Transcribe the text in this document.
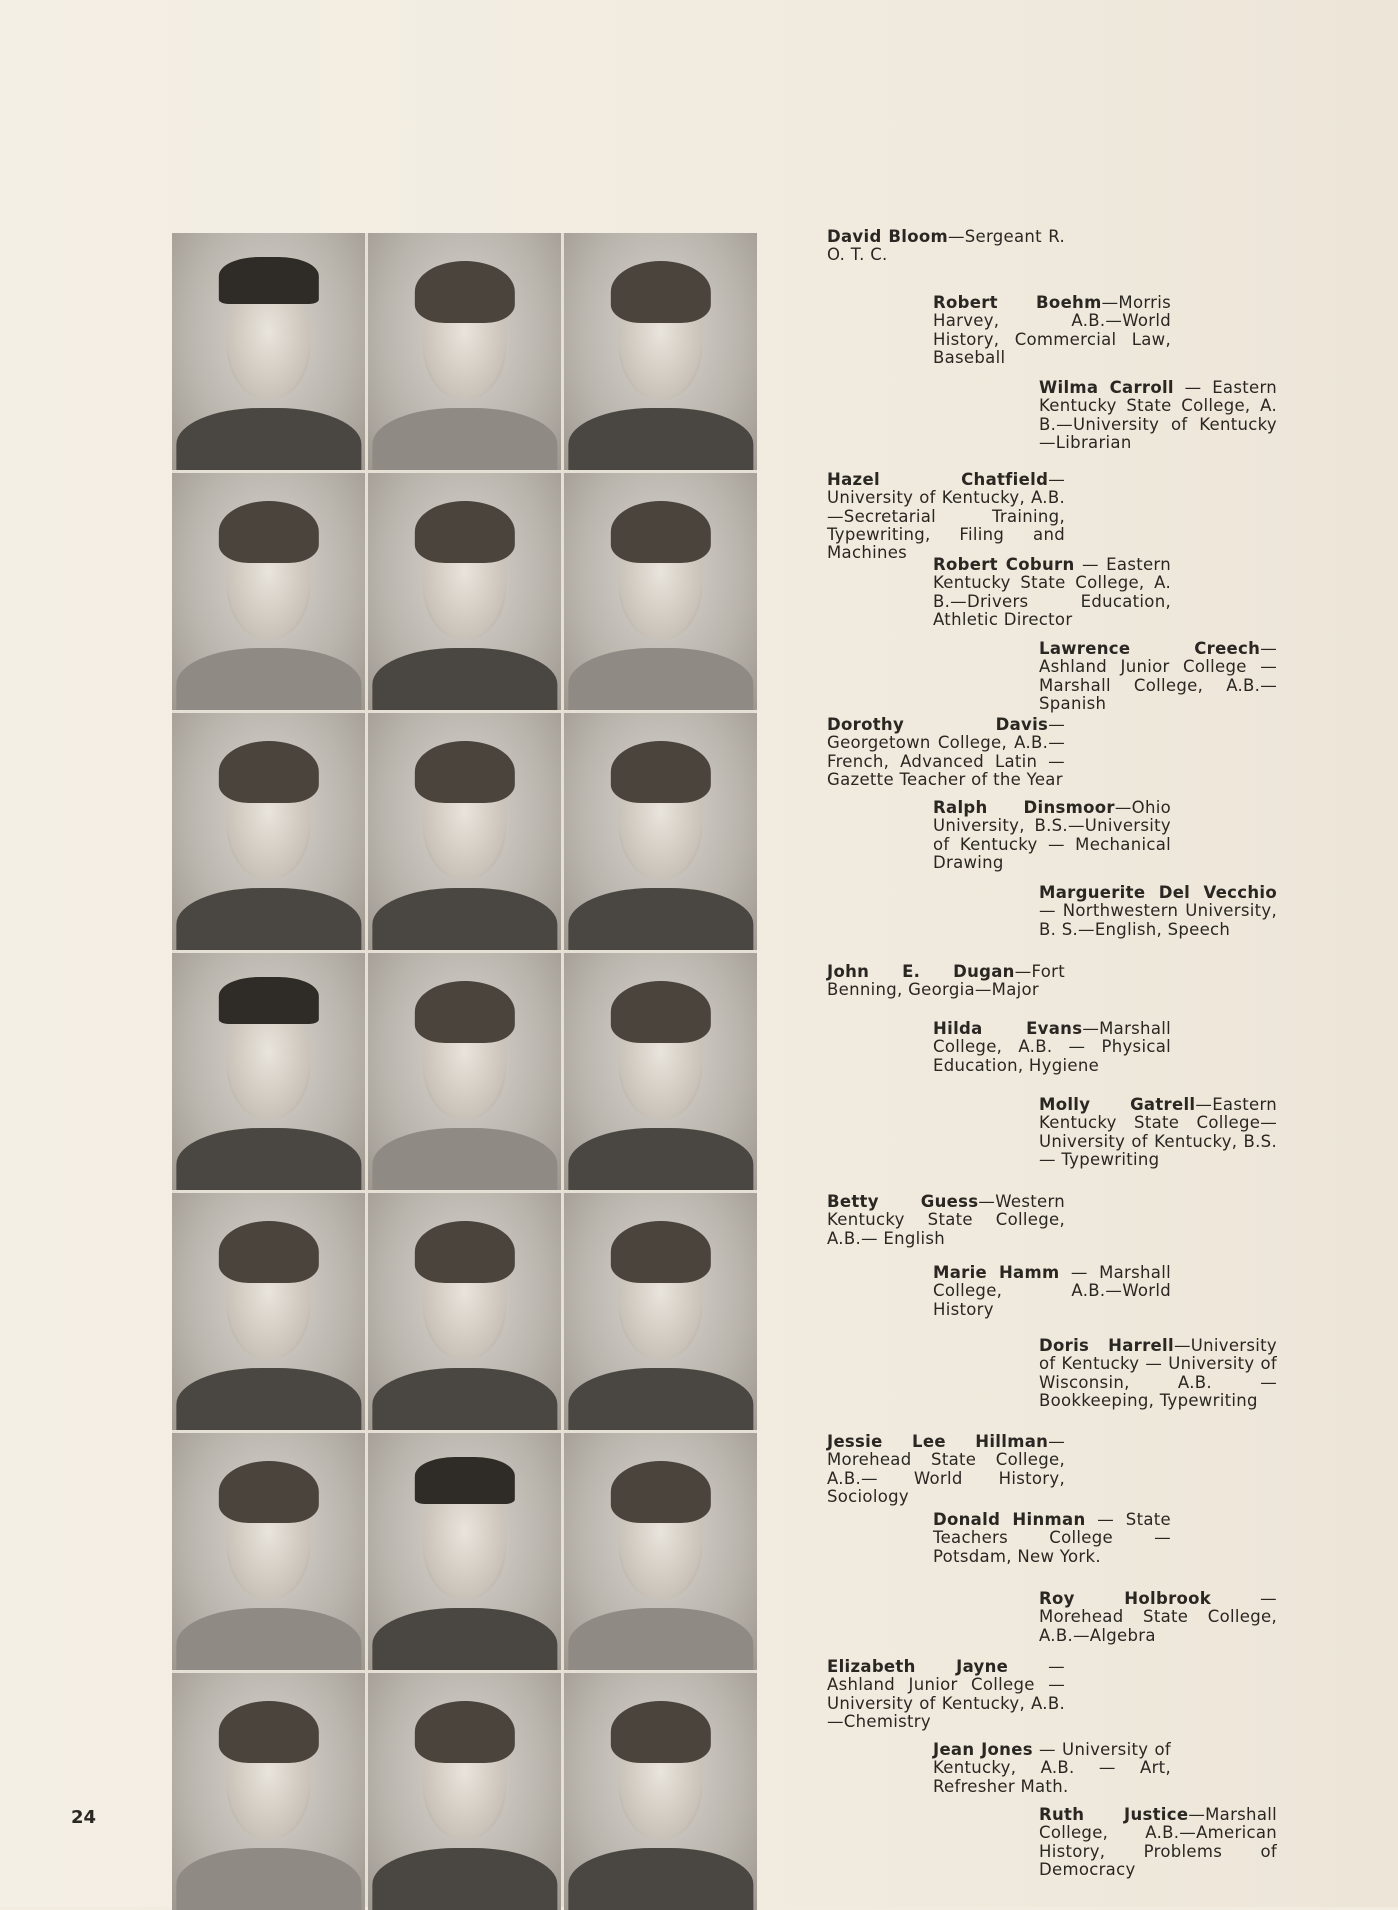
David Bloom—Sergeant R. O. T. C.
Robert Boehm—Morris Harvey, A.B.—World History, Commercial Law, Baseball
Wilma Carroll — Eastern Kentucky State College, A. B.—University of Kentucky —Librarian
Hazel Chatfield—University of Kentucky, A.B.—Secretarial Training, Typewriting, Filing and Machines
Robert Coburn — Eastern Kentucky State College, A. B.—Drivers Education, Athletic Director
Lawrence Creech—Ashland Junior College — Marshall College, A.B.—Spanish
Dorothy Davis—Georgetown College, A.B.—French, Advanced Latin — Gazette Teacher of the Year
Ralph Dinsmoor—Ohio University, B.S.—University of Kentucky — Mechanical Drawing
Marguerite Del Vecchio — Northwestern University, B. S.—English, Speech
John E. Dugan—Fort Benning, Georgia—Major
Hilda Evans—Marshall College, A.B. — Physical Education, Hygiene
Molly Gatrell—Eastern Kentucky State College—University of Kentucky, B.S. — Typewriting
Betty Guess—Western Kentucky State College, A.B.— English
Marie Hamm — Marshall College, A.B.—World History
Doris Harrell—University of Kentucky — University of Wisconsin, A.B. — Bookkeeping, Typewriting
Jessie Lee Hillman—Morehead State College, A.B.— World History, Sociology
Donald Hinman — State Teachers College — Potsdam, New York.
Roy Holbrook — Morehead State College, A.B.—Algebra
Elizabeth Jayne — Ashland Junior College — University of Kentucky, A.B.—Chemistry
Jean Jones — University of Kentucky, A.B. — Art, Refresher Math.
Ruth Justice—Marshall College, A.B.—American History, Problems of Democracy
24
